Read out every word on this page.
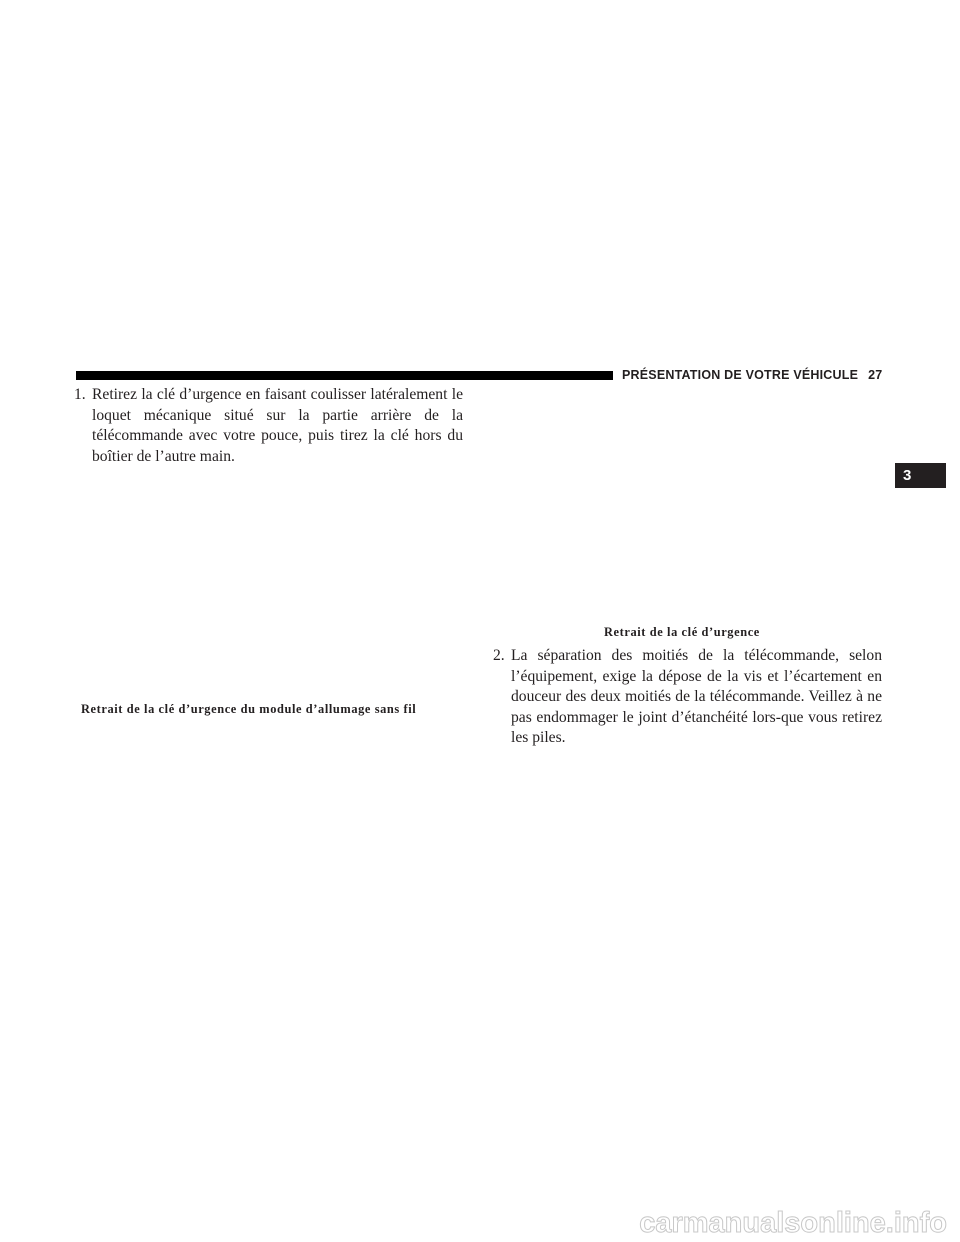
PRÉSENTATION DE VOTRE VÉHICULE 27
3
1. Retirez la clé d’urgence en faisant coulisser latéralement le loquet mécanique situé sur la partie arrière de la télécommande avec votre pouce, puis tirez la clé hors du boîtier de l’autre main.
Retrait de la clé d’urgence du module d’allumage sans fil
Retrait de la clé d’urgence
2. La séparation des moitiés de la télécommande, selon l’équipement, exige la dépose de la vis et l’écartement en douceur des deux moitiés de la télécommande. Veillez à ne pas endommager le joint d’étanchéité lors-que vous retirez les piles.
carmanualsonline.info
